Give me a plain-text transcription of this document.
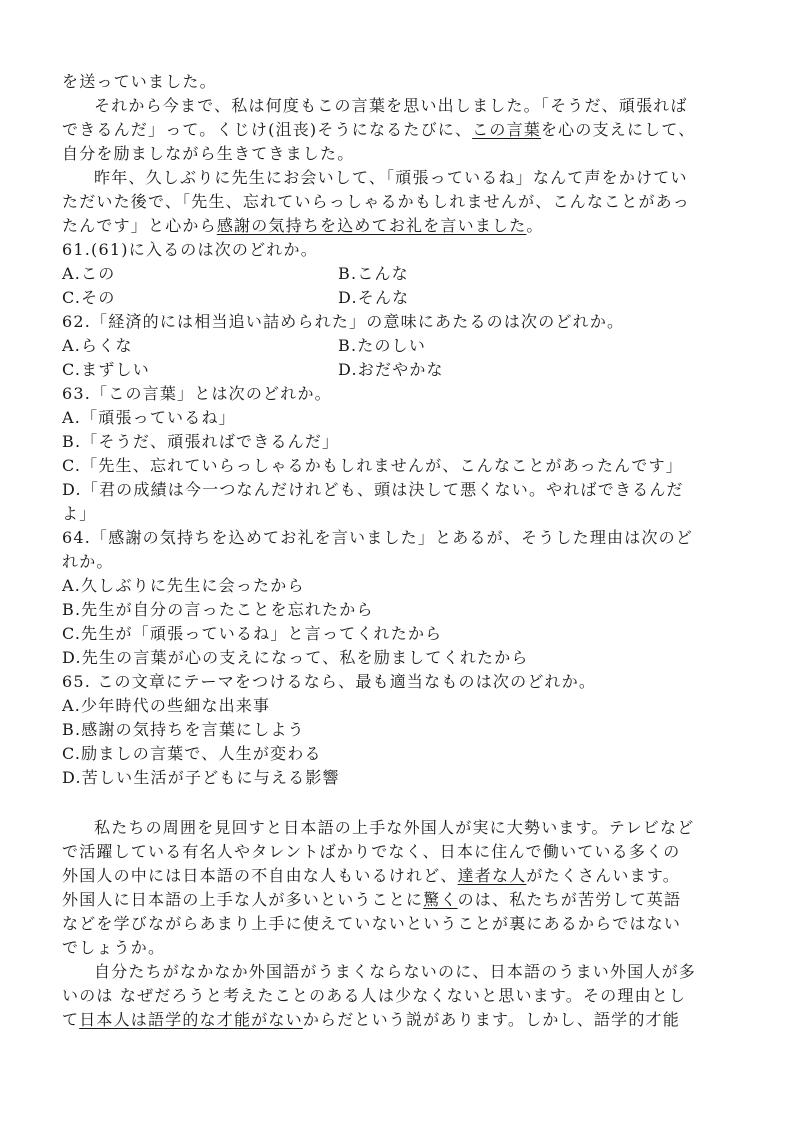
を送っていました。
それから今まで、私は何度もこの言葉を思い出しました。「そうだ、頑張れば
できるんだ」って。くじけ(沮丧)そうになるたびに、この言葉を心の支えにして、
自分を励ましながら生きてきました。
昨年、久しぶりに先生にお会いして、「頑張っているね」なんて声をかけてい
ただいた後で、「先生、忘れていらっしゃるかもしれませんが、こんなことがあっ
たんです」と心から感謝の気持ちを込めてお礼を言いました。
61.(61)に入るのは次のどれか。
A.この	B.こんな
C.その	D.そんな
62.「経済的には相当追い詰められた」の意味にあたるのは次のどれか。
A.らくな	B.たのしい
C.まずしい	D.おだやかな
63.「この言葉」とは次のどれか。
A.「頑張っているね」
B.「そうだ、頑張ればできるんだ」
C.「先生、忘れていらっしゃるかもしれませんが、こんなことがあったんです」
D.「君の成績は今一つなんだけれども、頭は決して悪くない。やればできるんだ
よ」
64.「感謝の気持ちを込めてお礼を言いました」とあるが、そうした理由は次のど
れか。
A.久しぶりに先生に会ったから
B.先生が自分の言ったことを忘れたから
C.先生が「頑張っているね」と言ってくれたから
D.先生の言葉が心の支えになって、私を励ましてくれたから
65. この文章にテーマをつけるなら、最も適当なものは次のどれか。
A.少年時代の些細な出来事
B.感謝の気持ちを言葉にしよう
C.励ましの言葉で、人生が変わる
D.苦しい生活が子どもに与える影響
私たちの周囲を見回すと日本語の上手な外国人が実に大勢います。テレビなど
で活躍している有名人やタレントばかりでなく、日本に住んで働いている多くの
外国人の中には日本語の不自由な人もいるけれど、達者な人がたくさんいます。
外国人に日本語の上手な人が多いということに驚くのは、私たちが苦労して英語
などを学びながらあまり上手に使えていないということが裏にあるからではない
でしょうか。
自分たちがなかなか外国語がうまくならないのに、日本語のうまい外国人が多
いのは なぜだろうと考えたことのある人は少なくないと思います。その理由とし
て日本人は語学的な才能がないからだという説があります。しかし、語学的才能
